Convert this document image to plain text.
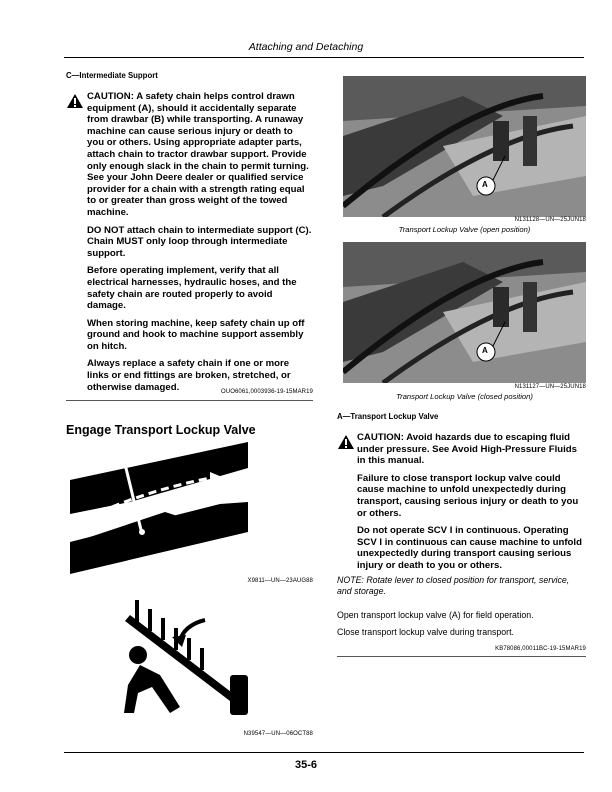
Attaching and Detaching
C—Intermediate Support

CAUTION: A safety chain helps control drawn equipment (A), should it accidentally separate from drawbar (B) while transporting. A runaway machine can cause serious injury or death to you or others. Using appropriate adapter parts, attach chain to tractor drawbar support. Provide only enough slack in the chain to permit turning. See your John Deere dealer or qualified service provider for a chain with a strength rating equal to or greater than gross weight of the towed machine.

DO NOT attach chain to intermediate support (C). Chain MUST only loop through intermediate support.

Before operating implement, verify that all electrical harnesses, hydraulic hoses, and the safety chain are routed properly to avoid damage.

When storing machine, keep safety chain up off ground and hook to machine support assembly on hitch.

Always replace a safety chain if one or more links or end fittings are broken, stretched, or otherwise damaged.	OUO6061,0003936-19-15MAR19
Engage Transport Lockup Valve
X9811—UN—23AUG88
N39547—UN—06OCT88
A
N131128—UN—25JUN18
Transport Lockup Valve (open position)
A
N131127—UN—25JUN18
Transport Lockup Valve (closed position)
A—Transport Lockup Valve

CAUTION: Avoid hazards due to escaping fluid under pressure. See Avoid High-Pressure Fluids in this manual.

Failure to close transport lockup valve could cause machine to unfold unexpectedly during transport, causing serious injury or death to you or others.

Do not operate SCV I in continuous. Operating SCV I in continuous can cause machine to unfold unexpectedly during transport causing serious injury or death to you or others.

NOTE: Rotate lever to closed position for transport, service, and storage.
Open transport lockup valve (A) for field operation.
Close transport lockup valve during transport.
KB78086,00011BC-19-15MAR19
35-6
